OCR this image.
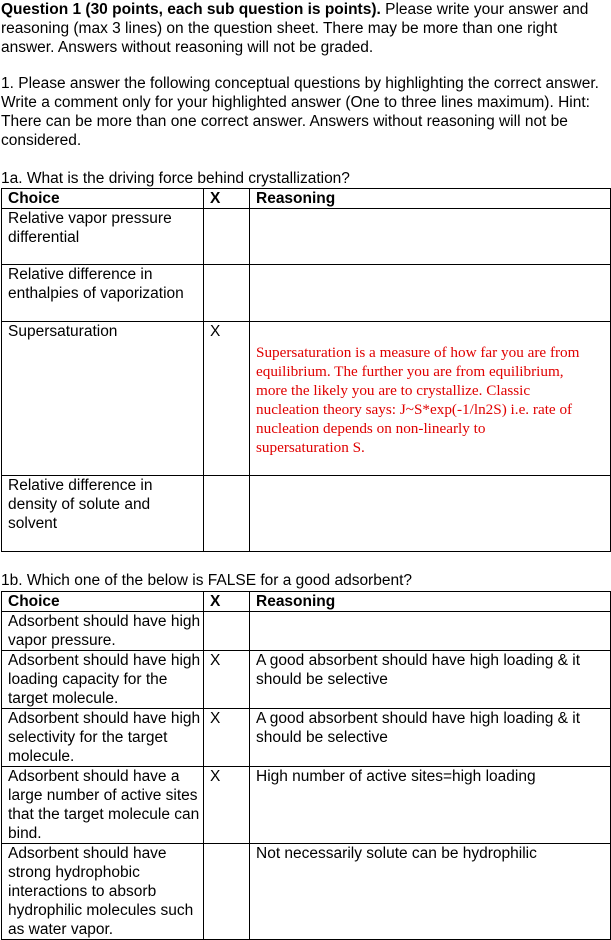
Question 1 (30 points, each sub question is points). Please write your answer and reasoning (max 3 lines) on the question sheet. There may be more than one right answer. Answers without reasoning will not be graded.

1. Please answer the following conceptual questions by highlighting the correct answer. Write a comment only for your highlighted answer (One to three lines maximum). Hint: There can be more than one correct answer. Answers without reasoning will not be considered.

1a. What is the driving force behind crystallization?

Choice	X	Reasoning
Relative vapor pressure differential		
Relative difference in enthalpies of vaporization		
Supersaturation	X	Supersaturation is a measure of how far you are from equilibrium. The further you are from equilibrium, more the likely you are to crystallize. Classic nucleation theory says: J~S*exp(-1/ln2S) i.e. rate of nucleation depends on non-linearly to supersaturation S.
Relative difference in density of solute and solvent		

1b. Which one of the below is FALSE for a good adsorbent?

Choice	X	Reasoning
Adsorbent should have high vapor pressure.		
Adsorbent should have high loading capacity for the target molecule.	X	A good absorbent should have high loading & it should be selective
Adsorbent should have high selectivity for the target molecule.	X	A good absorbent should have high loading & it should be selective
Adsorbent should have a large number of active sites that the target molecule can bind.	X	High number of active sites=high loading
Adsorbent should have strong hydrophobic interactions to absorb hydrophilic molecules such as water vapor.		Not necessarily solute can be hydrophilic
